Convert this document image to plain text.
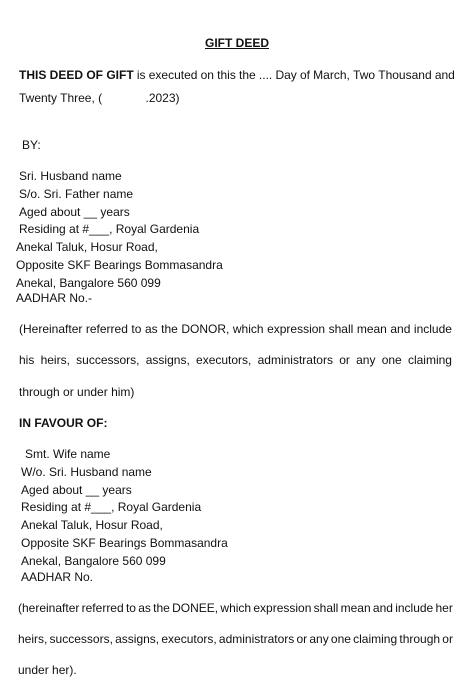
GIFT DEED
THIS DEED OF GIFT is executed on this the .... Day of March, Two Thousand and
Twenty Three, (             .2023)
BY:
Sri. Husband name
S/o. Sri. Father name
Aged about __ years
Residing at #___, Royal Gardenia
Anekal Taluk, Hosur Road,
Opposite SKF Bearings Bommasandra
Anekal, Bangalore 560 099
AADHAR No.-
(Hereinafter referred to as the DONOR, which expression shall mean and include
his heirs, successors, assigns, executors, administrators or any one claiming
through or under him)
IN FAVOUR OF:
Smt. Wife name
W/o. Sri. Husband name
Aged about __ years
Residing at #___, Royal Gardenia
Anekal Taluk, Hosur Road,
Opposite SKF Bearings Bommasandra
Anekal, Bangalore 560 099
AADHAR No.
(hereinafter referred to as the DONEE, which expression shall mean and include her
heirs, successors, assigns, executors, administrators or any one claiming through or
under her).
